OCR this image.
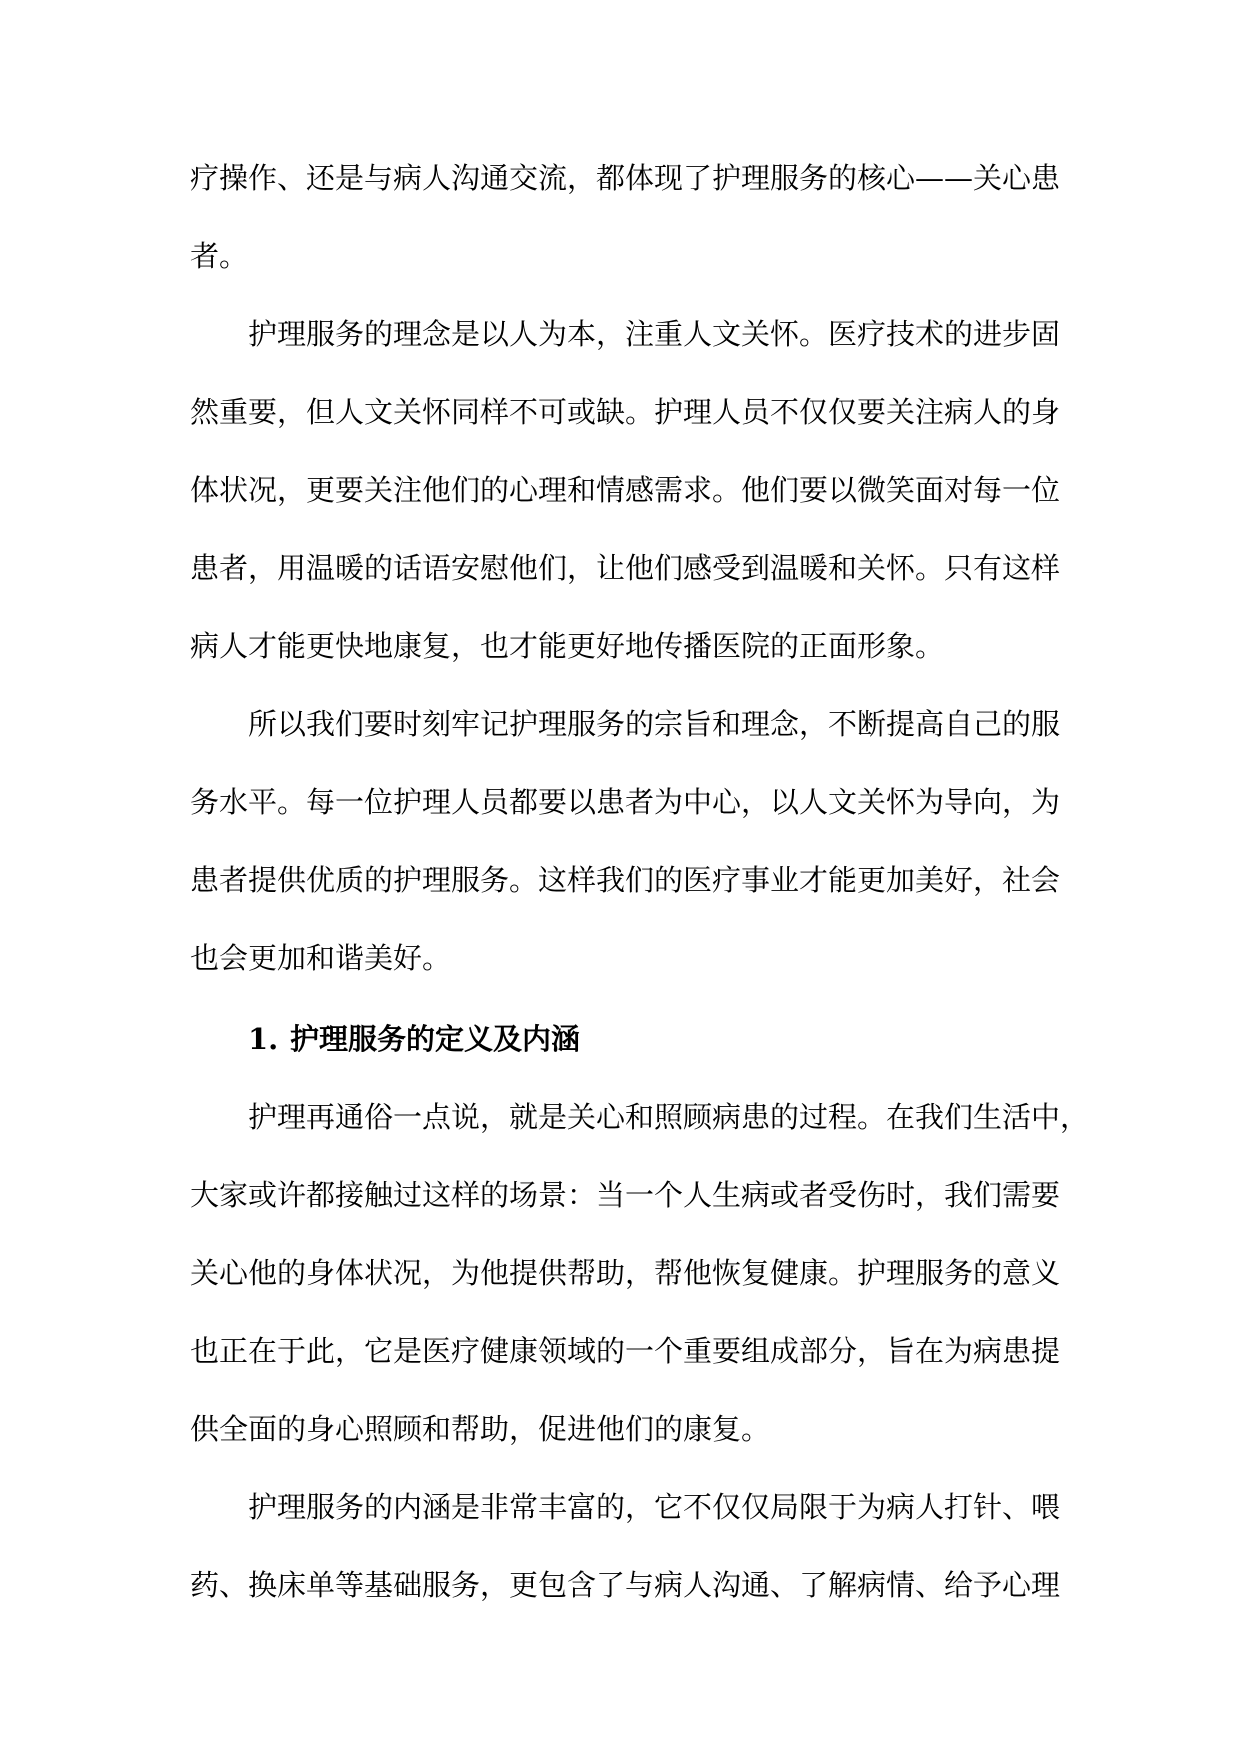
疗操作、还是与病人沟通交流，都体现了护理服务的核心——关心患
者。
护理服务的理念是以人为本，注重人文关怀。医疗技术的进步固
然重要，但人文关怀同样不可或缺。护理人员不仅仅要关注病人的身
体状况，更要关注他们的心理和情感需求。他们要以微笑面对每一位
患者，用温暖的话语安慰他们，让他们感受到温暖和关怀。只有这样
病人才能更快地康复，也才能更好地传播医院的正面形象。
所以我们要时刻牢记护理服务的宗旨和理念，不断提高自己的服
务水平。每一位护理人员都要以患者为中心，以人文关怀为导向，为
患者提供优质的护理服务。这样我们的医疗事业才能更加美好，社会
也会更加和谐美好。
1. 护理服务的定义及内涵
护理再通俗一点说，就是关心和照顾病患的过程。在我们生活中，
大家或许都接触过这样的场景：当一个人生病或者受伤时，我们需要
关心他的身体状况，为他提供帮助，帮他恢复健康。护理服务的意义
也正在于此，它是医疗健康领域的一个重要组成部分，旨在为病患提
供全面的身心照顾和帮助，促进他们的康复。
护理服务的内涵是非常丰富的，它不仅仅局限于为病人打针、喂
药、换床单等基础服务，更包含了与病人沟通、了解病情、给予心理
